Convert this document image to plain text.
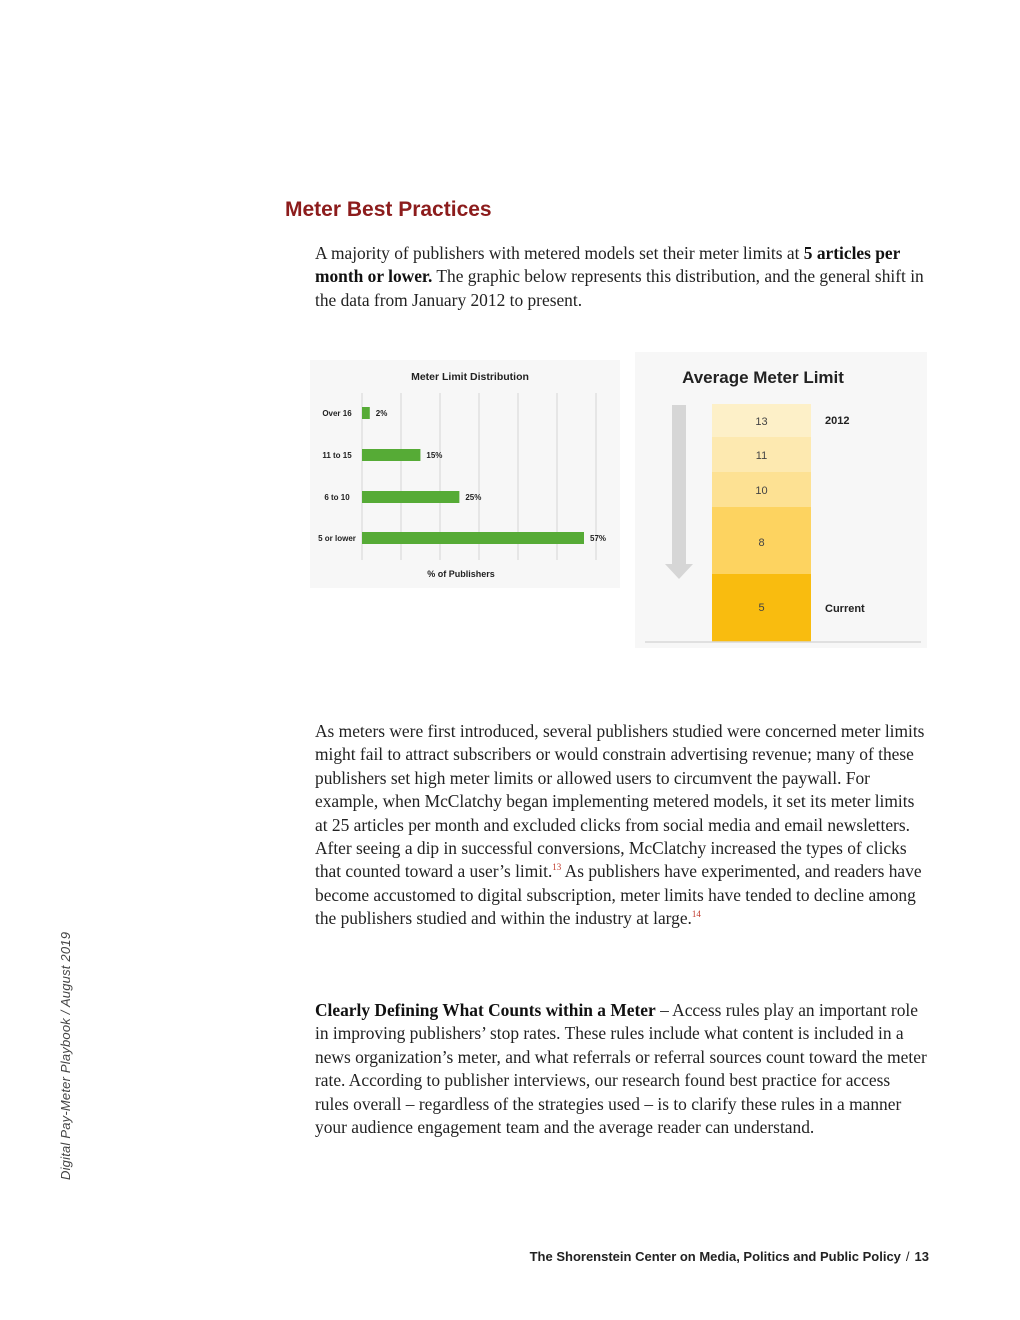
Meter Best Practices

A majority of publishers with metered models set their meter limits at 5 articles per month or lower. The graphic below represents this distribution, and the general shift in the data from January 2012 to present.

Meter Limit Distribution
Over 16	2%
11 to 15	15%
6 to 10	25%
5 or lower	57%
% of Publishers
Average Meter Limit
13
11
10
8
5
2012
Current

As meters were first introduced, several publishers studied were concerned meter limits might fail to attract subscribers or would constrain advertising revenue; many of these publishers set high meter limits or allowed users to circumvent the paywall. For example, when McClatchy began implementing metered models, it set its meter limits at 25 articles per month and excluded clicks from social media and email newsletters. After seeing a dip in successful conversions, McClatchy increased the types of clicks that counted toward a user’s limit.$^{13}$ As publishers have experimented, and readers have become accustomed to digital subscription, meter limits have tended to decline among the publishers studied and within the industry at large.$^{14}$

Clearly Defining What Counts within a Meter – Access rules play an important role in improving publishers’ stop rates. These rules include what content is included in a news organization’s meter, and what referrals or referral sources count toward the meter rate. According to publisher interviews, our research found best practice for access rules overall – regardless of the strategies used – is to clarify these rules in a manner your audience engagement team and the average reader can understand.

Digital Pay-Meter Playbook / August 2019
The Shorenstein Center on Media, Politics and Public Policy / 13
